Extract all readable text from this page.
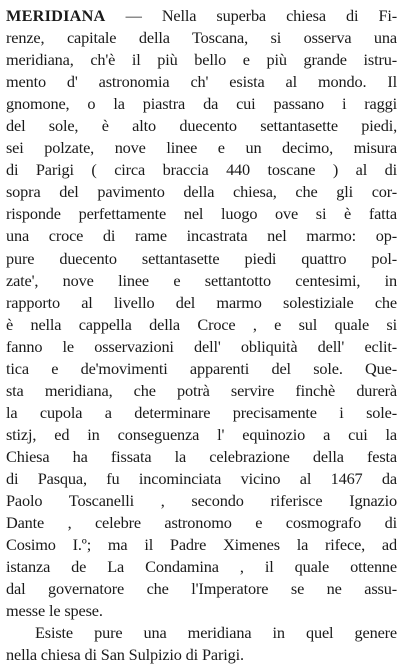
MERIDIANA — Nella superba chiesa di Fi-
renze, capitale della Toscana, si osserva una
meridiana, ch'è il più bello e più grande istru-
mento d' astronomia ch' esista al mondo. Il
gnomone, o la piastra da cui passano i raggi
del sole, è alto duecento settantasette piedi,
sei polzate, nove linee e un decimo, misura
di Parigi ( circa braccia 440 toscane ) al di
sopra del pavimento della chiesa, che gli cor-
risponde perfettamente nel luogo ove si è fatta
una croce di rame incastrata nel marmo: op-
pure duecento settantasette piedi quattro pol-
zate', nove linee e settantotto centesimi, in
rapporto al livello del marmo solestiziale che
è nella cappella della Croce , e sul quale si
fanno le osservazioni dell' obliquità dell' eclit-
tica e de'movimenti apparenti del sole. Que-
sta meridiana, che potrà servire finchè durerà
la cupola a determinare precisamente i sole-
stizj, ed in conseguenza l' equinozio a cui la
Chiesa ha fissata la celebrazione della festa
di Pasqua, fu incominciata vicino al 1467 da
Paolo Toscanelli , secondo riferisce Ignazio
Dante , celebre astronomo e cosmografo di
Cosimo I.º; ma il Padre Ximenes la rifece, ad
istanza de La Condamina , il quale ottenne
dal governatore che l'Imperatore se ne assu-
messe le spese.
Esiste pure una meridiana in quel genere
nella chiesa di San Sulpizio di Parigi.
